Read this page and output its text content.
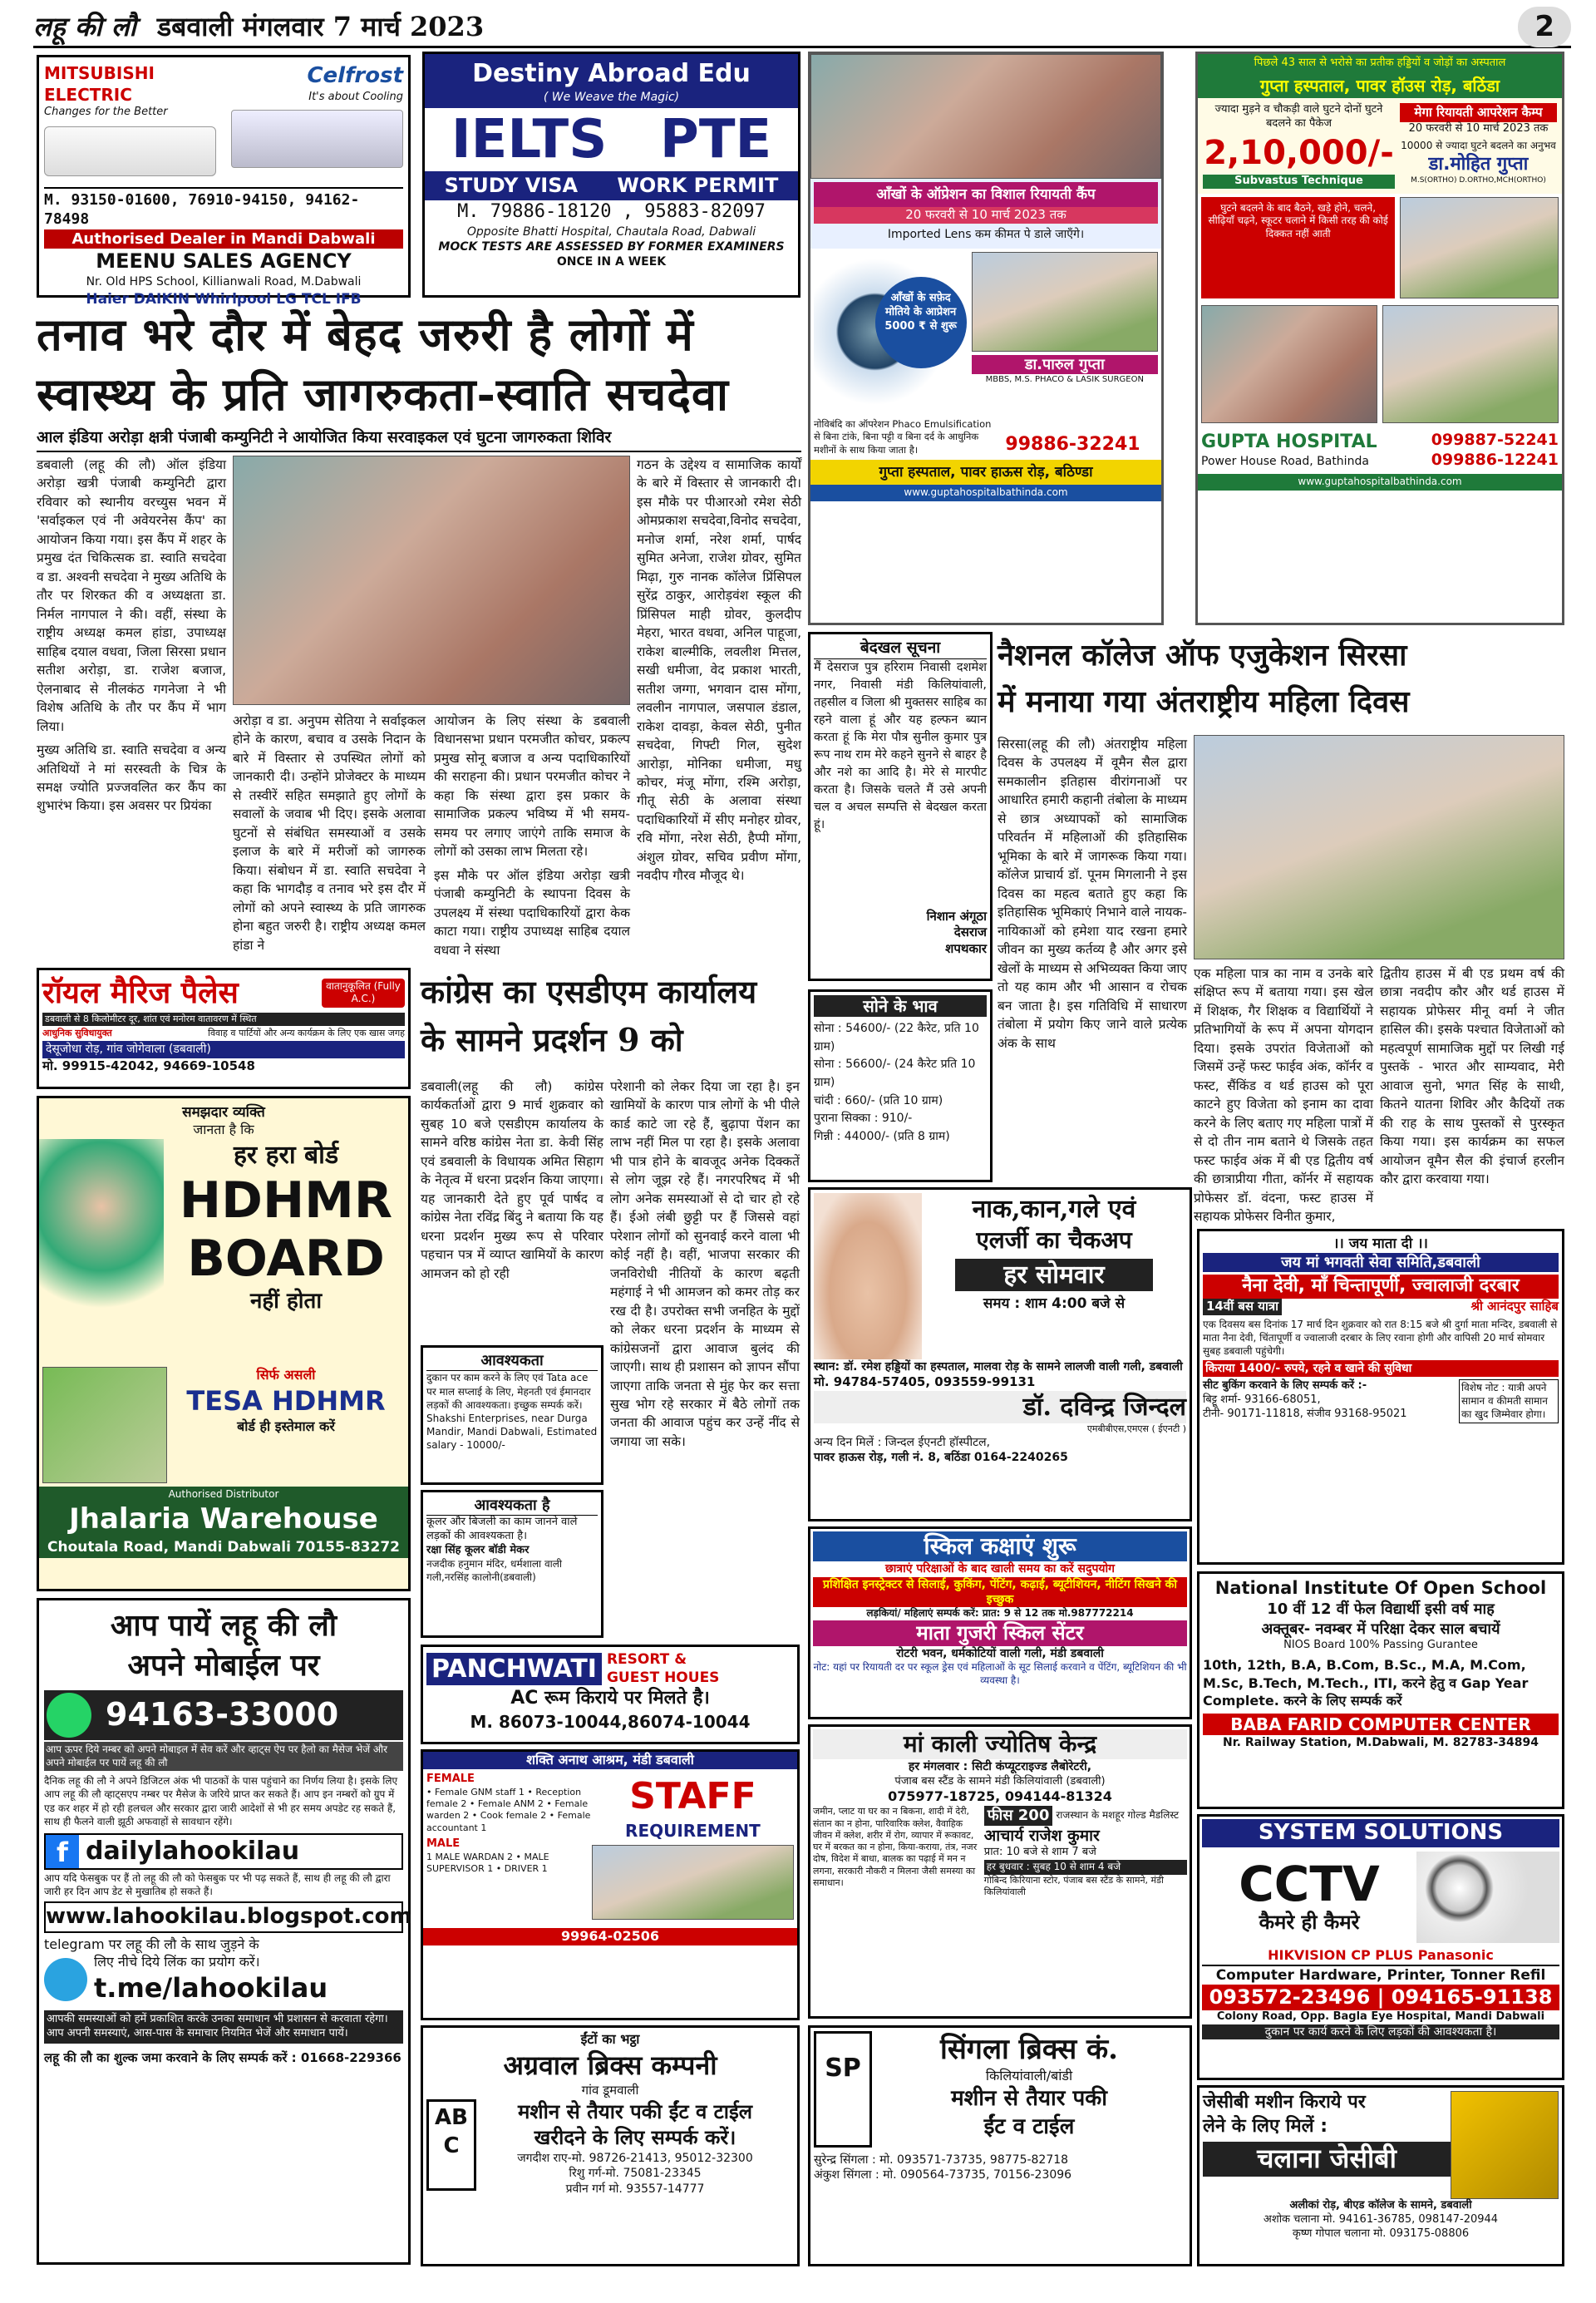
लहू की लौ डबवाली मंगलवार 7 मार्च 2023	2
MITSUBISHI ELECTRIC
Changes for the Better
Celfrost
It's about Cooling
M. 93150-01600, 76910-94150, 94162-78498
Authorised Dealer in Mandi Dabwali
MEENU SALES AGENCY
Nr. Old HPS School, Killianwali Road, M.Dabwali
Haier DAIKIN Whirlpool LG TCL IFB
Destiny Abroad Edu
( We Weave the Magic)
IELTS PTE
STUDY VISA WORK PERMIT
M. 79886-18120 , 95883-82097
Opposite Bhatti Hospital, Chautala Road, Dabwali
MOCK TESTS ARE ASSESSED BY FORMER EXAMINERS
ONCE IN A WEEK
आँखों के ऑप्रेशन का विशाल रियायती कैंप
20 फरवरी से 10 मार्च 2023 तक
Imported Lens कम कीमत पे डाले जाएँगे।
आँखों के सफ़ेद मोतिये के आप्रेशन 5000 ₹ से शुरू
डा.पारुल गुप्ता
MBBS, M.S. PHACO & LASIK SURGEON
नोविबंदि का ऑपरेशन Phaco Emulsification से बिना टांके, बिना पट्टी व बिना दर्द के आधुनिक मशीनों के साथ किया जाता है।	99886-32241
गुप्ता हस्पताल, पावर हाऊस रोड़, बठिण्डा
www.guptahospitalbathinda.com
पिछले 43 साल से भरोसे का प्रतीक हड्डियों व जोड़ों का अस्पताल
गुप्ता हस्पताल, पावर हॉउस रोड़, बठिंडा
ज्यादा मुड़ने व चौकड़ी वाले घुटने दोनों घुटने बदलने का पैकेज
2,10,000/-
Subvastus Technique
मेगा रियायती आपरेशन कैम्प
20 फरवरी से 10 मार्च 2023 तक
10000 से ज्यादा घुटने बदलने का अनुभव
डा.मोहित गुप्ता
M.S(ORTHO) D.ORTHO,MCH(ORTHO)
घुटने बदलने के बाद बैठने, खड़े होने, चलने, सीढ़ियाँ चढ़ने, स्कूटर चलाने में किसी तरह की कोई दिक्कत नहीं आती
GUPTA HOSPITAL
Power House Road, Bathinda
099887-52241
099886-12241
www.guptahospitalbathinda.com
तनाव भरे दौर में बेहद जरुरी है लोगों में
स्वास्थ्य के प्रति जागरुकता-स्वाति सचदेवा
आल इंडिया अरोड़ा क्षत्री पंजाबी कम्युनिटी ने आयोजित किया सरवाइकल एवं घुटना जागरुकता शिविर

डबवाली (लहू की लौ) ऑल इंडिया अरोड़ा खत्री पंजाबी कम्युनिटी द्वारा रविवार को स्थानीय वरच्युस भवन में 'सर्वाइकल एवं नी अवेयरनेस कैंप' का आयोजन किया गया। इस कैंप में शहर के प्रमुख दंत चिकित्सक डा. स्वाति सचदेवा व डा. अश्वनी सचदेवा ने मुख्य अतिथि के तौर पर शिरकत की व अध्यक्षता डा. निर्मल नागपाल ने की। वहीं, संस्था के राष्ट्रीय अध्यक्ष कमल हांडा, उपाध्यक्ष साहिब दयाल वधवा, जिला सिरसा प्रधान सतीश अरोड़ा, डा. राजेश बजाज, ऐलनाबाद से नीलकंठ गगनेजा ने भी विशेष अतिथि के तौर पर कैंप में भाग लिया।

मुख्य अतिथि डा. स्वाति सचदेवा व अन्य अतिथियों ने मां सरस्वती के चित्र के समक्ष ज्योति प्रज्जवलित कर कैंप का शुभारंभ किया। इस अवसर पर प्रियंका

अरोड़ा व डा. अनुपम सेतिया ने सर्वाइकल होने के कारण, बचाव व उसके निदान के बारे में विस्तार से उपस्थित लोगों को जानकारी दी। उन्होंने प्रोजेक्टर के माध्यम से तस्वीरें सहित समझाते हुए लोगों के सवालों के जवाब भी दिए। इसके अलावा घुटनों से संबंधित समस्याओं व उसके इलाज के बारे में मरीजों को जागरुक किया। संबोधन में डा. स्वाति सचदेवा ने कहा कि भागदौड़ व तनाव भरे इस दौर में लोगों को अपने स्वास्थ्य के प्रति जागरुक होना बहुत जरुरी है। राष्ट्रीय अध्यक्ष कमल हांडा ने

आयोजन के लिए संस्था के डबवाली विधानसभा प्रधान परमजीत कोचर, प्रकल्प प्रमुख सोनू बजाज व अन्य पदाधिकारियों की सराहना की। प्रधान परमजीत कोचर ने कहा कि संस्था द्वारा इस प्रकार के सामाजिक प्रकल्प भविष्य में भी समय-समय पर लगाए जाएंगे ताकि समाज के लोगों को उसका लाभ मिलता रहे।

इस मौके पर ऑल इंडिया अरोड़ा खत्री पंजाबी कम्युनिटी के स्थापना दिवस के उपलक्ष्य में संस्था पदाधिकारियों द्वारा केक काटा गया। राष्ट्रीय उपाध्यक्ष साहिब दयाल वधवा ने संस्था

गठन के उद्देश्य व सामाजिक कार्यों के बारे में विस्तार से जानकारी दी। इस मौके पर पीआरओ रमेश सेठी ओमप्रकाश सचदेवा,विनोद सचदेवा, मनोज शर्मा, नरेश शर्मा, पार्षद सुमित अनेजा, राजेश ग्रोवर, सुमित मिढ़ा, गुरु नानक कॉलेज प्रिंसिपल सुरेंद्र ठाकुर, आरोड़वंश स्कूल की प्रिंसिपल माही ग्रोवर, कुलदीप मेहरा, भारत वधवा, अनिल पाहूजा, राकेश बाल्मीकि, लवलीश मित्तल, सखी धमीजा, वेद प्रकाश भारती, सतीश जग्गा, भगवान दास मोंगा, लवलीन नागपाल, जसपाल डंडाल, राकेश दावड़ा, केवल सेठी, पुनीत सचदेवा, गिफ्टी गिल, सुदेश आरोड़ा, मोनिका धमीजा, मधु कोचर, मंजू मोंगा, रश्मि अरोड़ा, गीतू सेठी के अलावा संस्था पदाधिकारियों में सीए मनोहर ग्रोवर, रवि मोंगा, नरेश सेठी, हैप्पी मोंगा, अंशुल ग्रोवर, सचिव प्रवीण मोंगा, नवदीप गौरव मौजूद थे।
बेदखल सूचना
मैं देसराज पुत्र हरिराम निवासी दशमेश नगर, निवासी मंडी किलियांवाली, तहसील व जिला श्री मुक्तसर साहिब का रहने वाला हूं और यह हल्फन ब्यान करता हूं कि मेरा पौत्र सुनील कुमार पुत्र रूप नाथ राम मेरे कहने सुनने से बाहर है और नशे का आदि है। मेरे से मारपीट करता है। जिसके चलते मैं उसे अपनी चल व अचल सम्पत्ति से बेदखल करता हूं।
निशान अंगूठा
देसराज
शपथकार
नैशनल कॉलेज ऑफ एजुकेशन सिरसा
में मनाया गया अंतराष्ट्रीय महिला दिवस
सिरसा(लहू की लौ) अंतराष्ट्रीय महिला दिवस के उपलक्ष्य में वूमैन सैल द्वारा समकालीन इतिहास वीरांगनाओं पर आधारित हमारी कहानी तंबोला के माध्यम से छात्र अध्यापकों को सामाजिक परिवर्तन में महिलाओं की इतिहासिक भूमिका के बारे में जागरूक किया गया। कॉलेज प्राचार्य डॉ. पूनम मिगलानी ने इस दिवस का महत्व बताते हुए कहा कि इतिहासिक भूमिकाएं निभाने वाले नायक-नायिकाओं को हमेशा याद रखना हमारे जीवन का मुख्य कर्तव्य है और अगर इसे खेलों के माध्यम से अभिव्यक्त किया जाए तो यह काम और भी आसान व रोचक बन जाता है। इस गतिविधि में साधारण तंबोला में प्रयोग किए जाने वाले प्रत्येक अंक के साथ
एक महिला पात्र का नाम व उनके बारे संक्षिप्त रूप में बताया गया। इस खेल में शिक्षक, गैर शिक्षक व विद्यार्थियों ने प्रतिभागियों के रूप में अपना योगदान दिया। इसके उपरांत विजेताओं को जिसमें उन्हें फस्ट फाईव अंक, कॉर्नर व फस्ट, सैंकिंड व थर्ड हाउस को पूरा काटने हुए विजेता को इनाम का दावा करने के लिए बताए गए महिला पात्रों में से दो तीन नाम बताने थे जिसके तहत फस्ट फाईव अंक में बी एड द्वितीय वर्ष की छात्राप्रीया गीता, कॉर्नर में सहायक प्रोफेसर डॉ. वंदना, फस्ट हाउस में सहायक प्रोफेसर विनीत कुमार,
द्वितीय हाउस में बी एड प्रथम वर्ष की छात्रा नवदीप कौर और थर्ड हाउस में सहायक प्रोफेसर मीनू वर्मा ने जीत हासिल की। इसके पश्चात विजेताओं को महत्वपूर्ण सामाजिक मुद्दों पर लिखी गई पुस्तकें - भारत और साम्यवाद, मेरी आवाज सुनो, भगत सिंह के साथी, कितने यातना शिविर और कैदियों तक की राह के साथ पुस्तकों से पुरस्कृत किया गया। इस कार्यक्रम का सफल आयोजन वूमैन सैल की इंचार्ज हरलीन कौर द्वारा करवाया गया।
रॉयल मैरिज पैलेस	वातानुकूलित (Fully A.C.)
डबवाली से 8 किलोमीटर दूर, शांत एवं मनोरम वातावरण में स्थित
आधुनिक सुविधायुक्त	विवाह व पार्टियों और अन्य कार्यक्रम के लिए एक खास जगह
देसूजोधा रोड़, गांव जोगेवाला (डबवाली)
मो. 99915-42042, 94669-10548
कांग्रेस का एसडीएम कार्यालय
के सामने प्रदर्शन 9 को
डबवाली(लहू की लौ) कांग्रेस कार्यकर्ताओं द्वारा 9 मार्च शुक्रवार को सुबह 10 बजे एसडीएम कार्यालय के सामने वरिष्ठ कांग्रेस नेता डा. केवी सिंह एवं डबवाली के विधायक अमित सिहाग के नेतृत्व में धरना प्रदर्शन किया जाएगा। यह जानकारी देते हुए पूर्व पार्षद व कांग्रेस नेता रविंद्र बिंदु ने बताया कि यह धरना प्रदर्शन मुख्य रूप से परिवार पहचान पत्र में व्याप्त खामियों के कारण आमजन को हो रही
परेशानी को लेकर दिया जा रहा है। इन खामियों के कारण पात्र लोगों के भी पीले कार्ड काटे जा रहे हैं, बुढ़ापा पेंशन का लाभ नहीं मिल पा रहा है। इसके अलावा भी पात्र होने के बावजूद अनेक दिक्कतें से लोग जूझ रहे हैं। नगरपरिषद में भी लोग अनेक समस्याओं से दो चार हो रहे हैं। ईओ लंबी छुट्टी पर हैं जिससे वहां परेशान लोगों को सुनवाई करने वाला भी कोई नहीं है। वहीं, भाजपा सरकार की जनविरोधी नीतियों के कारण बढ़ती महंगाई ने भी आमजन को कमर तोड़ कर रख दी है। उपरोक्त सभी जनहित के मुद्दों को लेकर धरना प्रदर्शन के माध्यम से कांग्रेसजनों द्वारा आवाज बुलंद की जाएगी। साथ ही प्रशासन को ज्ञापन सौंपा जाएगा ताकि जनता से मुंह फेर कर सत्ता सुख भोग रहे सरकार में बैठे लोगों तक जनता की आवाज पहुंच कर उन्हें नींद से जगाया जा सके।
सोने के भाव
सोना : 54600/- (22 कैरेट, प्रति 10 ग्राम)
सोना : 56600/- (24 कैरेट प्रति 10 ग्राम)
चांदी : 660/- (प्रति 10 ग्राम)
पुराना सिक्का : 910/-
गिन्नी : 44000/- (प्रति 8 ग्राम)
नाक,कान,गले एवं
एलर्जी का चैकअप
हर सोमवार
समय : शाम 4:00 बजे से
स्थान: डॉ. रमेश हड्डियों का हस्पताल, मालवा रोड़ के सामने लालजी वाली गली, डबवाली
मो. 94784-57405, 093559-99131
डॉ. दविन्द्र जिन्दल
एमबीबीएस,एमएस ( ईएनटी )
अन्य दिन मिलें : जिन्दल ईएनटी हॉस्पीटल,
पावर हाऊस रोड़, गली नं. 8, बठिंडा 0164-2240265
समझदार व्यक्ति
जानता है कि
हर हरा बोर्ड
HDHMR
BOARD
नहीं होता
सिर्फ असली
TESA HDHMR
बोर्ड ही इस्तेमाल करें
Authorised Distributor
Jhalaria Warehouse
Choutala Road, Mandi Dabwali 70155-83272
आवश्यकता
दुकान पर काम करने के लिए एवं Tata ace पर माल सप्लाई के लिए, मेहनती एवं ईमानदार लड़कों की आवश्यकता। इच्छुक सम्पर्क करें। Shakshi Enterprises, near Durga Mandir, Mandi Dabwali, Estimated salary - 10000/-
आवश्यकता है
कूलर और बिजली का काम जानने वाले लड़कों की आवश्यकता है।
रक्षा सिंह कूलर बॉडी मेकर
नजदीक हनुमान मंदिर, धर्मशाला वाली गली,नरसिंह कालोनी(डबवाली)
।। जय माता दी ।।
जय मां भगवती सेवा समिति,डबवाली
नैना देवी, माँ चिन्तापूर्णी, ज्वालाजी दरबार
14वीं बस यात्रा	श्री आनंदपुर साहिब
एक दिवसय बस दिनांक 17 मार्च दिन शुक्रवार को रात 8:15 बजे श्री दुर्गा माता मन्दिर, डबवाली से माता नैना देवी, चिंतापूर्णी व ज्वालाजी दरबार के लिए रवाना होगी और वापिसी 20 मार्च सोमवार सुबह डबवाली पहुंचेगी।
किराया 1400/- रुपये, रहने व खाने की सुविधा
सीट बुकिंग करवाने के लिए सम्पर्क करें :-
बिट्टू शर्मा- 93166-68051,
टीनी- 90171-11818, संजीव 93168-95021
विशेष नोट : यात्री अपने सामान व कीमती सामान का खुद जिम्मेवार होगा।
National Institute Of Open School
10 वीं 12 वीं फेल विद्यार्थी इसी वर्ष माह
अक्तूबर- नवम्बर में परिक्षा देकर साल बचायें
NIOS Board 100% Passing Gurantee
10th, 12th, B.A, B.Com, B.Sc., M.A, M.Com, M.Sc, B.Tech, M.Tech., ITI, करने हेतु व Gap Year Complete. करने के लिए सम्पर्क करें
BABA FARID COMPUTER CENTER
Nr. Railway Station, M.Dabwali, M. 82783-34894
आप पायें लहू की लौ
अपने मोबाईल पर
94163-33000
आप ऊपर दिये नम्बर को अपने मोबाइल में सेव करें और व्हाट्स ऐप पर हैलो का मैसेज भेजें और अपने मोबाईल पर पायें लहू की लौ
दैनिक लहू की लौ ने अपने डिजिटल अंक भी पाठकों के पास पहुंचाने का निर्णय लिया है। इसके लिए आप लहू की लौ व्हाट्सएप नम्बर पर मैसेज के जरिये प्राप्त कर सकते हैं। आप इन नम्बरों को ग्रुप में एड कर शहर में हो रही हलचल और सरकार द्वारा जारी आदेशों से भी हर समय अपडेट रह सकते हैं, साथ ही फैलने वाली झूठी अफवाहों से सावधान रहेंगे।
f dailylahookilau
आप यदि फेसबुक पर हैं तो लहू की लौ को फेसबुक पर भी पढ़ सकते हैं, साथ ही लहू की लौ द्वारा जारी हर दिन आप डेट से मुखातिब हो सकते हैं।
www.lahookilau.blogspot.com
telegram पर लहू की लौ के साथ जुड़ने के
लिए नीचे दिये लिंक का प्रयोग करें।
t.me/lahookilau
आपकी समस्याओं को हमें प्रकाशित करके उनका समाधान भी प्रशासन से करवाता रहेगा। आप अपनी समस्याएं, आस-पास के समाचार नियमित भेजें और समाधान पायें।
लहू की लौ का शुल्क जमा करवाने के लिए सम्पर्क करें : 01668-229366
PANCHWATI RESORT & GUEST HOUES
AC रूम किराये पर मिलते है।
M. 86073-10044,86074-10044
शक्ति अनाथ आश्रम, मंडी डबवाली
FEMALE
• Female GNM staff 1 • Reception female 2 • Female ANM 2 • Female warden 2 • Cook female 2 • Female accountant 1
MALE
1 MALE WARDAN 2 • MALE SUPERVISOR 1 • DRIVER 1
STAFF
REQUIREMENT
99964-02506
स्किल कक्षाएं शुरू
छात्राएं परिक्षाओं के बाद खाली समय का करें सदुपयोग
प्रशिक्षित इनस्ट्रेक्टर से सिलाई, कुकिंग, पेंटिंग, कढ़ाई, ब्यूटीशियन, नीटिंग सिखने की इच्छुक
लड़कियां/ महिलाएं सम्पर्क करें: प्रात: 9 से 12 तक मो.987772214
माता गुजरी स्किल सेंटर
रोटरी भवन, धर्मकोटियों वाली गली, मंडी डबवाली
नोट: यहां पर रियायती दर पर स्कूल ड्रेस एवं महिलाओं के सूट सिलाई करवाने व पेंटिंग, ब्यूटिशियन की भी व्यवस्था है।
मां काली ज्योतिष केन्द्र
हर मंगलवार : सिटी कंप्यूटराइज्ड लैबोरेटरी,
पंजाब बस स्टैंड के सामने मंडी किलियांवाली (डबवाली)
075977-18725, 094144-81324
जमीन, प्लाट या घर का न बिकना, शादी में देरी, संतान का न होना, पारिवारिक क्लेश, वैवाहिक जीवन में क्लेश, शरीर में रोग, व्यापार में रूकावट, घर में बरकत का न होना, किया-कराया, तंत्र, नजर दोष, विदेश में बाधा, बालक का पढ़ाई में मन न लगना, सरकारी नौकरी न मिलना जैसी समस्या का समाधान।
फीस 200 राजस्थान के मशहूर गोल्ड मैडलिस्ट
आचार्य राजेश कुमार
प्रात: 10 बजे से शाम 7 बजे
हर बुधवार : सुबह 10 से शाम 4 बजे
गोबिन्द किरियाना स्टोर, पंजाब बस स्टैंड के सामने, मंडी किलियांवाली
SYSTEM SOLUTIONS
CCTV
कैमरे ही कैमरे
HIKVISION CP PLUS Panasonic
Computer Hardware, Printer, Tonner Refil
093572-23496 | 094165-91138
Colony Road, Opp. Bagla Eye Hospital, Mandi Dabwali
दुकान पर कार्य करने के लिए लड़कों की आवश्यकता है।
ईंटों का भट्ठा
अग्रवाल ब्रिक्स कम्पनी
गांव डूमवाली
ABC
मशीन से तैयार पकी ईंट व टाईल
खरीदने के लिए सम्पर्क करें।
जगदीश राए-मो. 98726-21413, 95012-32300
रिशु गर्ग-मो. 75081-23345
प्रवीन गर्ग मो. 93557-14777
SP
सिंगला ब्रिक्स कं.
किलियांवाली/बांडी
मशीन से तैयार पकी
ईंट व टाईल
सुरेन्द्र सिंगला : मो. 093571-73735, 98775-82718
अंकुश सिंगला : मो. 090564-73735, 70156-23096
जेसीबी मशीन किराये पर
लेने के लिए मिलें :
चलाना जेसीबी
अलीकां रोड़, बीएड कॉलेज के सामने, डबवाली
अशोक चलाना मो. 94161-36785, 098147-20944
कृष्ण गोपाल चलाना मो. 093175-08806
